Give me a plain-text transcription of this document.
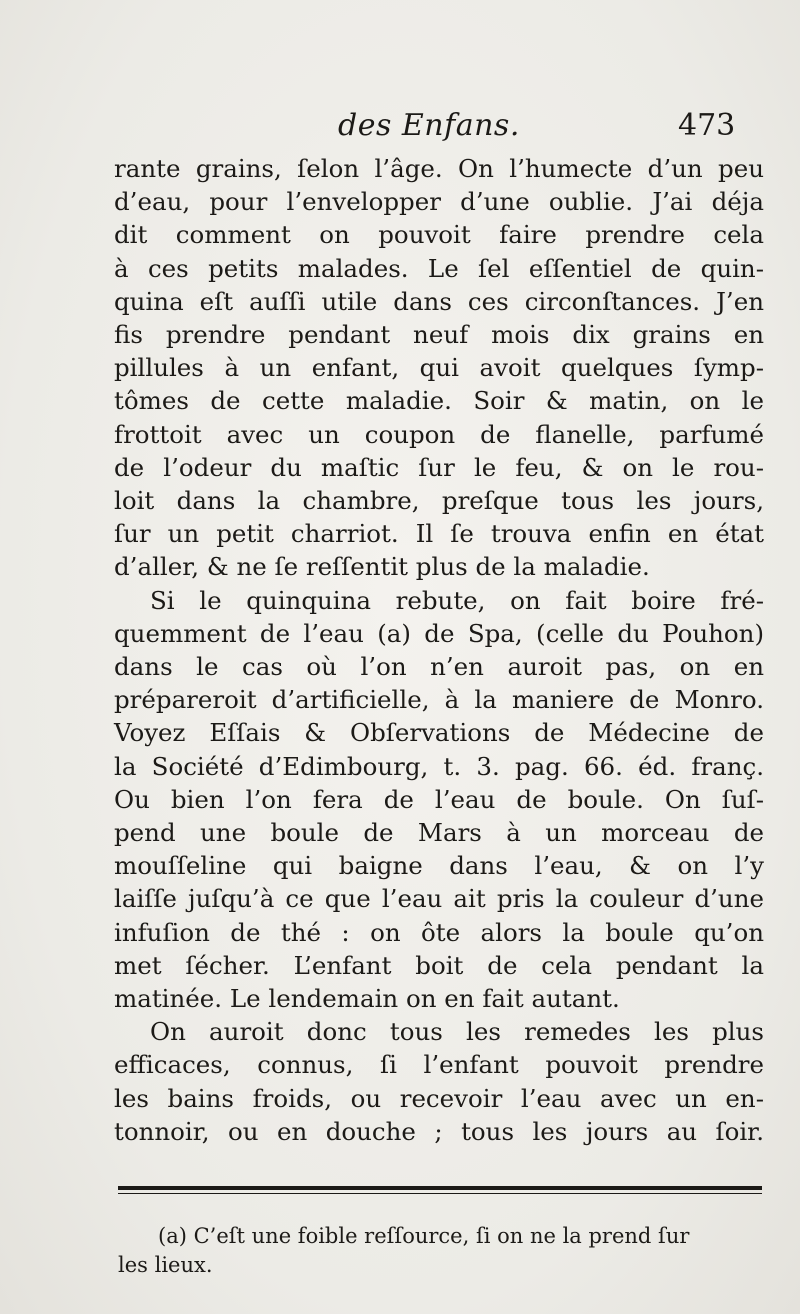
des Enfans.	473
rante grains, ſelon l’âge. On l’humecte d’un peu
d’eau, pour l’envelopper d’une oublie. J’ai déja
dit comment on pouvoit faire prendre cela
à ces petits malades. Le ſel eſſentiel de quin-
quina eſt auſſi utile dans ces circonſtances. J’en
fis prendre pendant neuf mois dix grains en
pillules à un enfant, qui avoit quelques ſymp-
tômes de cette maladie. Soir & matin, on le
frottoit avec un coupon de flanelle, parfumé
de l’odeur du maſtic ſur le feu, & on le rou-
loit dans la chambre, preſque tous les jours,
ſur un petit charriot. Il ſe trouva enfin en état
d’aller, & ne ſe reſſentit plus de la maladie.
Si le quinquina rebute, on fait boire fré-
quemment de l’eau (a) de Spa, (celle du Pouhon)
dans le cas où l’on n’en auroit pas, on en
prépareroit d’artificielle, à la maniere de Monro.
Voyez Eſſais & Obſervations de Médecine de
la Société d’Edimbourg, t. 3. pag. 66. éd. franç.
Ou bien l’on fera de l’eau de boule. On ſuſ-
pend une boule de Mars à un morceau de
mouſſeline qui baigne dans l’eau, & on l’y
laiſſe juſqu’à ce que l’eau ait pris la couleur d’une
infuſion de thé : on ôte alors la boule qu’on
met ſécher. L’enfant boit de cela pendant la
matinée. Le lendemain on en fait autant.
On auroit donc tous les remedes les plus
efficaces, connus, ſi l’enfant pouvoit prendre
les bains froids, ou recevoir l’eau avec un en-
tonnoir, ou en douche ; tous les jours au ſoir.
(a) C’eſt une foible reſſource, ſi on ne la prend ſur
les lieux.
